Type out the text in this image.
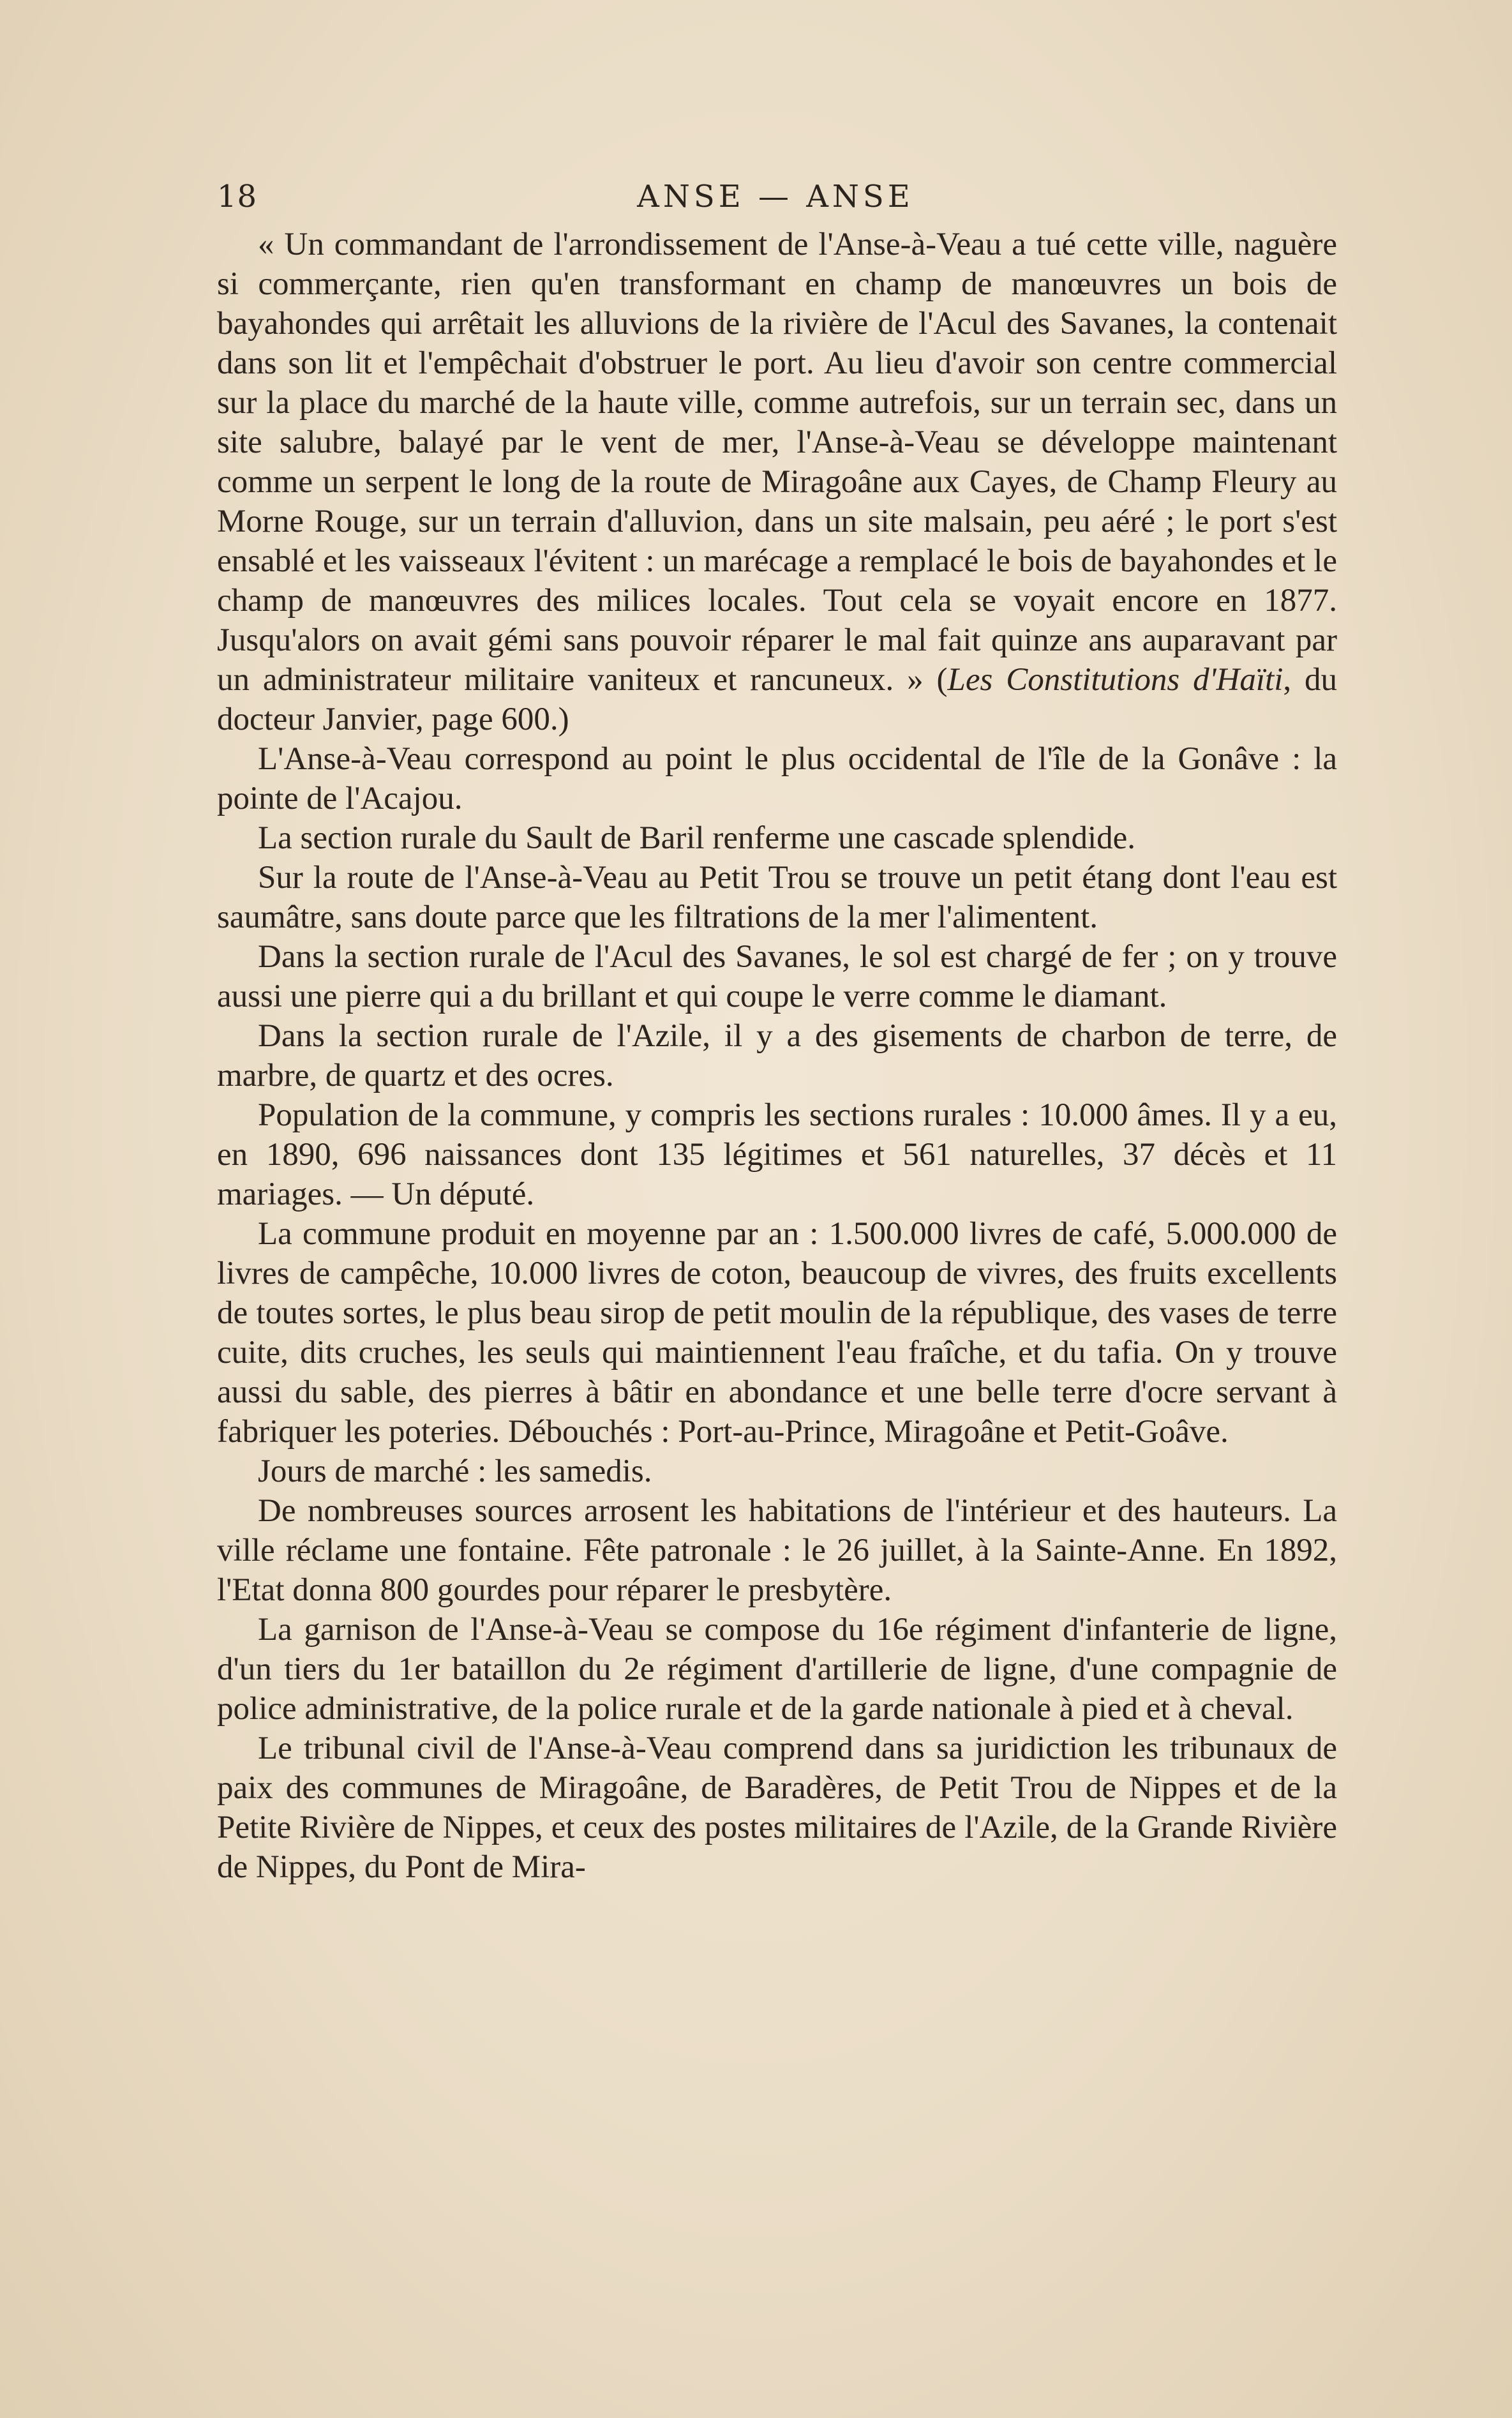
18	ANSE — ANSE

« Un commandant de l'arrondissement de l'Anse-à-Veau a tué cette ville, naguère si commerçante, rien qu'en transformant en champ de manœuvres un bois de bayahondes qui arrêtait les alluvions de la rivière de l'Acul des Savanes, la contenait dans son lit et l'empêchait d'obstruer le port. Au lieu d'avoir son centre commercial sur la place du marché de la haute ville, comme autrefois, sur un terrain sec, dans un site salubre, balayé par le vent de mer, l'Anse-à-Veau se développe maintenant comme un serpent le long de la route de Miragoâne aux Cayes, de Champ Fleury au Morne Rouge, sur un terrain d'alluvion, dans un site malsain, peu aéré ; le port s'est ensablé et les vaisseaux l'évitent : un marécage a remplacé le bois de bayahondes et le champ de manœuvres des milices locales. Tout cela se voyait encore en 1877. Jusqu'alors on avait gémi sans pouvoir réparer le mal fait quinze ans auparavant par un administrateur militaire vaniteux et rancuneux. » (Les Constitutions d'Haïti, du docteur Janvier, page 600.)

L'Anse-à-Veau correspond au point le plus occidental de l'île de la Gonâve : la pointe de l'Acajou.

La section rurale du Sault de Baril renferme une cascade splendide.

Sur la route de l'Anse-à-Veau au Petit Trou se trouve un petit étang dont l'eau est saumâtre, sans doute parce que les filtrations de la mer l'alimentent.

Dans la section rurale de l'Acul des Savanes, le sol est chargé de fer ; on y trouve aussi une pierre qui a du brillant et qui coupe le verre comme le diamant.

Dans la section rurale de l'Azile, il y a des gisements de charbon de terre, de marbre, de quartz et des ocres.

Population de la commune, y compris les sections rurales : 10.000 âmes. Il y a eu, en 1890, 696 naissances dont 135 légitimes et 561 naturelles, 37 décès et 11 mariages. — Un député.

La commune produit en moyenne par an : 1.500.000 livres de café, 5.000.000 de livres de campêche, 10.000 livres de coton, beaucoup de vivres, des fruits excellents de toutes sortes, le plus beau sirop de petit moulin de la république, des vases de terre cuite, dits cruches, les seuls qui maintiennent l'eau fraîche, et du tafia. On y trouve aussi du sable, des pierres à bâtir en abondance et une belle terre d'ocre servant à fabriquer les poteries. Débouchés : Port-au-Prince, Miragoâne et Petit-Goâve.

Jours de marché : les samedis.

De nombreuses sources arrosent les habitations de l'intérieur et des hauteurs. La ville réclame une fontaine. Fête patronale : le 26 juillet, à la Sainte-Anne. En 1892, l'Etat donna 800 gourdes pour réparer le presbytère.

La garnison de l'Anse-à-Veau se compose du 16e régiment d'infanterie de ligne, d'un tiers du 1er bataillon du 2e régiment d'artillerie de ligne, d'une compagnie de police administrative, de la police rurale et de la garde nationale à pied et à cheval.

Le tribunal civil de l'Anse-à-Veau comprend dans sa juridiction les tribunaux de paix des communes de Miragoâne, de Baradères, de Petit Trou de Nippes et de la Petite Rivière de Nippes, et ceux des postes militaires de l'Azile, de la Grande Rivière de Nippes, du Pont de Mira-
